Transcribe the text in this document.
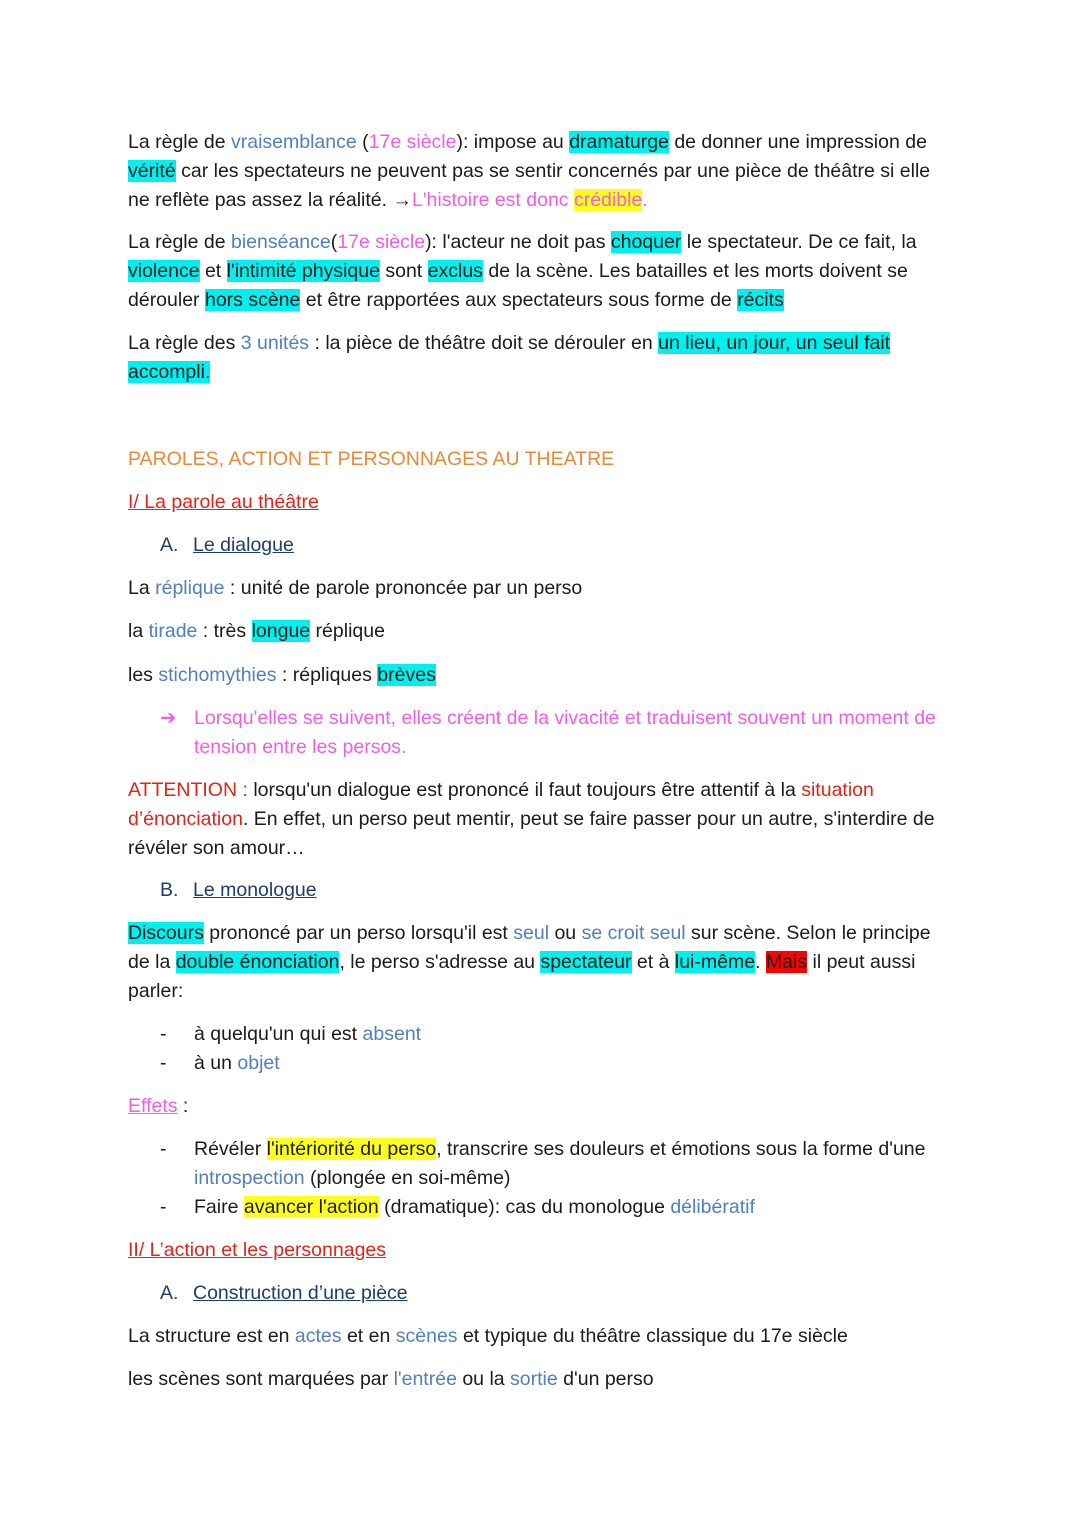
La règle de vraisemblance (17e siècle): impose au dramaturge de donner une impression de vérité car les spectateurs ne peuvent pas se sentir concernés par une pièce de théâtre si elle ne reflète pas assez la réalité. →L'histoire est donc crédible.

La règle de bienséance(17e siècle): l'acteur ne doit pas choquer le spectateur. De ce fait, la violence et l'intimité physique sont exclus de la scène. Les batailles et les morts doivent se dérouler hors scène et être rapportées aux spectateurs sous forme de récits

La règle des 3 unités : la pièce de théâtre doit se dérouler en un lieu, un jour, un seul fait accompli.

PAROLES, ACTION ET PERSONNAGES AU THEATRE

I/ La parole au théâtre

A. Le dialogue

La réplique : unité de parole prononcée par un perso

la tirade : très longue réplique

les stichomythies : répliques brèves

➔ Lorsqu'elles se suivent, elles créent de la vivacité et traduisent souvent un moment de tension entre les persos.

ATTENTION : lorsqu'un dialogue est prononcé il faut toujours être attentif à la situation d’énonciation. En effet, un perso peut mentir, peut se faire passer pour un autre, s'interdire de révéler son amour…

B. Le monologue

Discours prononcé par un perso lorsqu'il est seul ou se croit seul sur scène. Selon le principe de la double énonciation, le perso s'adresse au spectateur et à lui-même. Mais il peut aussi parler:

- à quelqu'un qui est absent

- à un objet

Effets :

- Révéler l'intériorité du perso, transcrire ses douleurs et émotions sous la forme d'une introspection (plongée en soi-même)

- Faire avancer l'action (dramatique): cas du monologue délibératif

II/ L’action et les personnages

A. Construction d’une pièce

La structure est en actes et en scènes et typique du théâtre classique du 17e siècle

les scènes sont marquées par l'entrée ou la sortie d'un perso
